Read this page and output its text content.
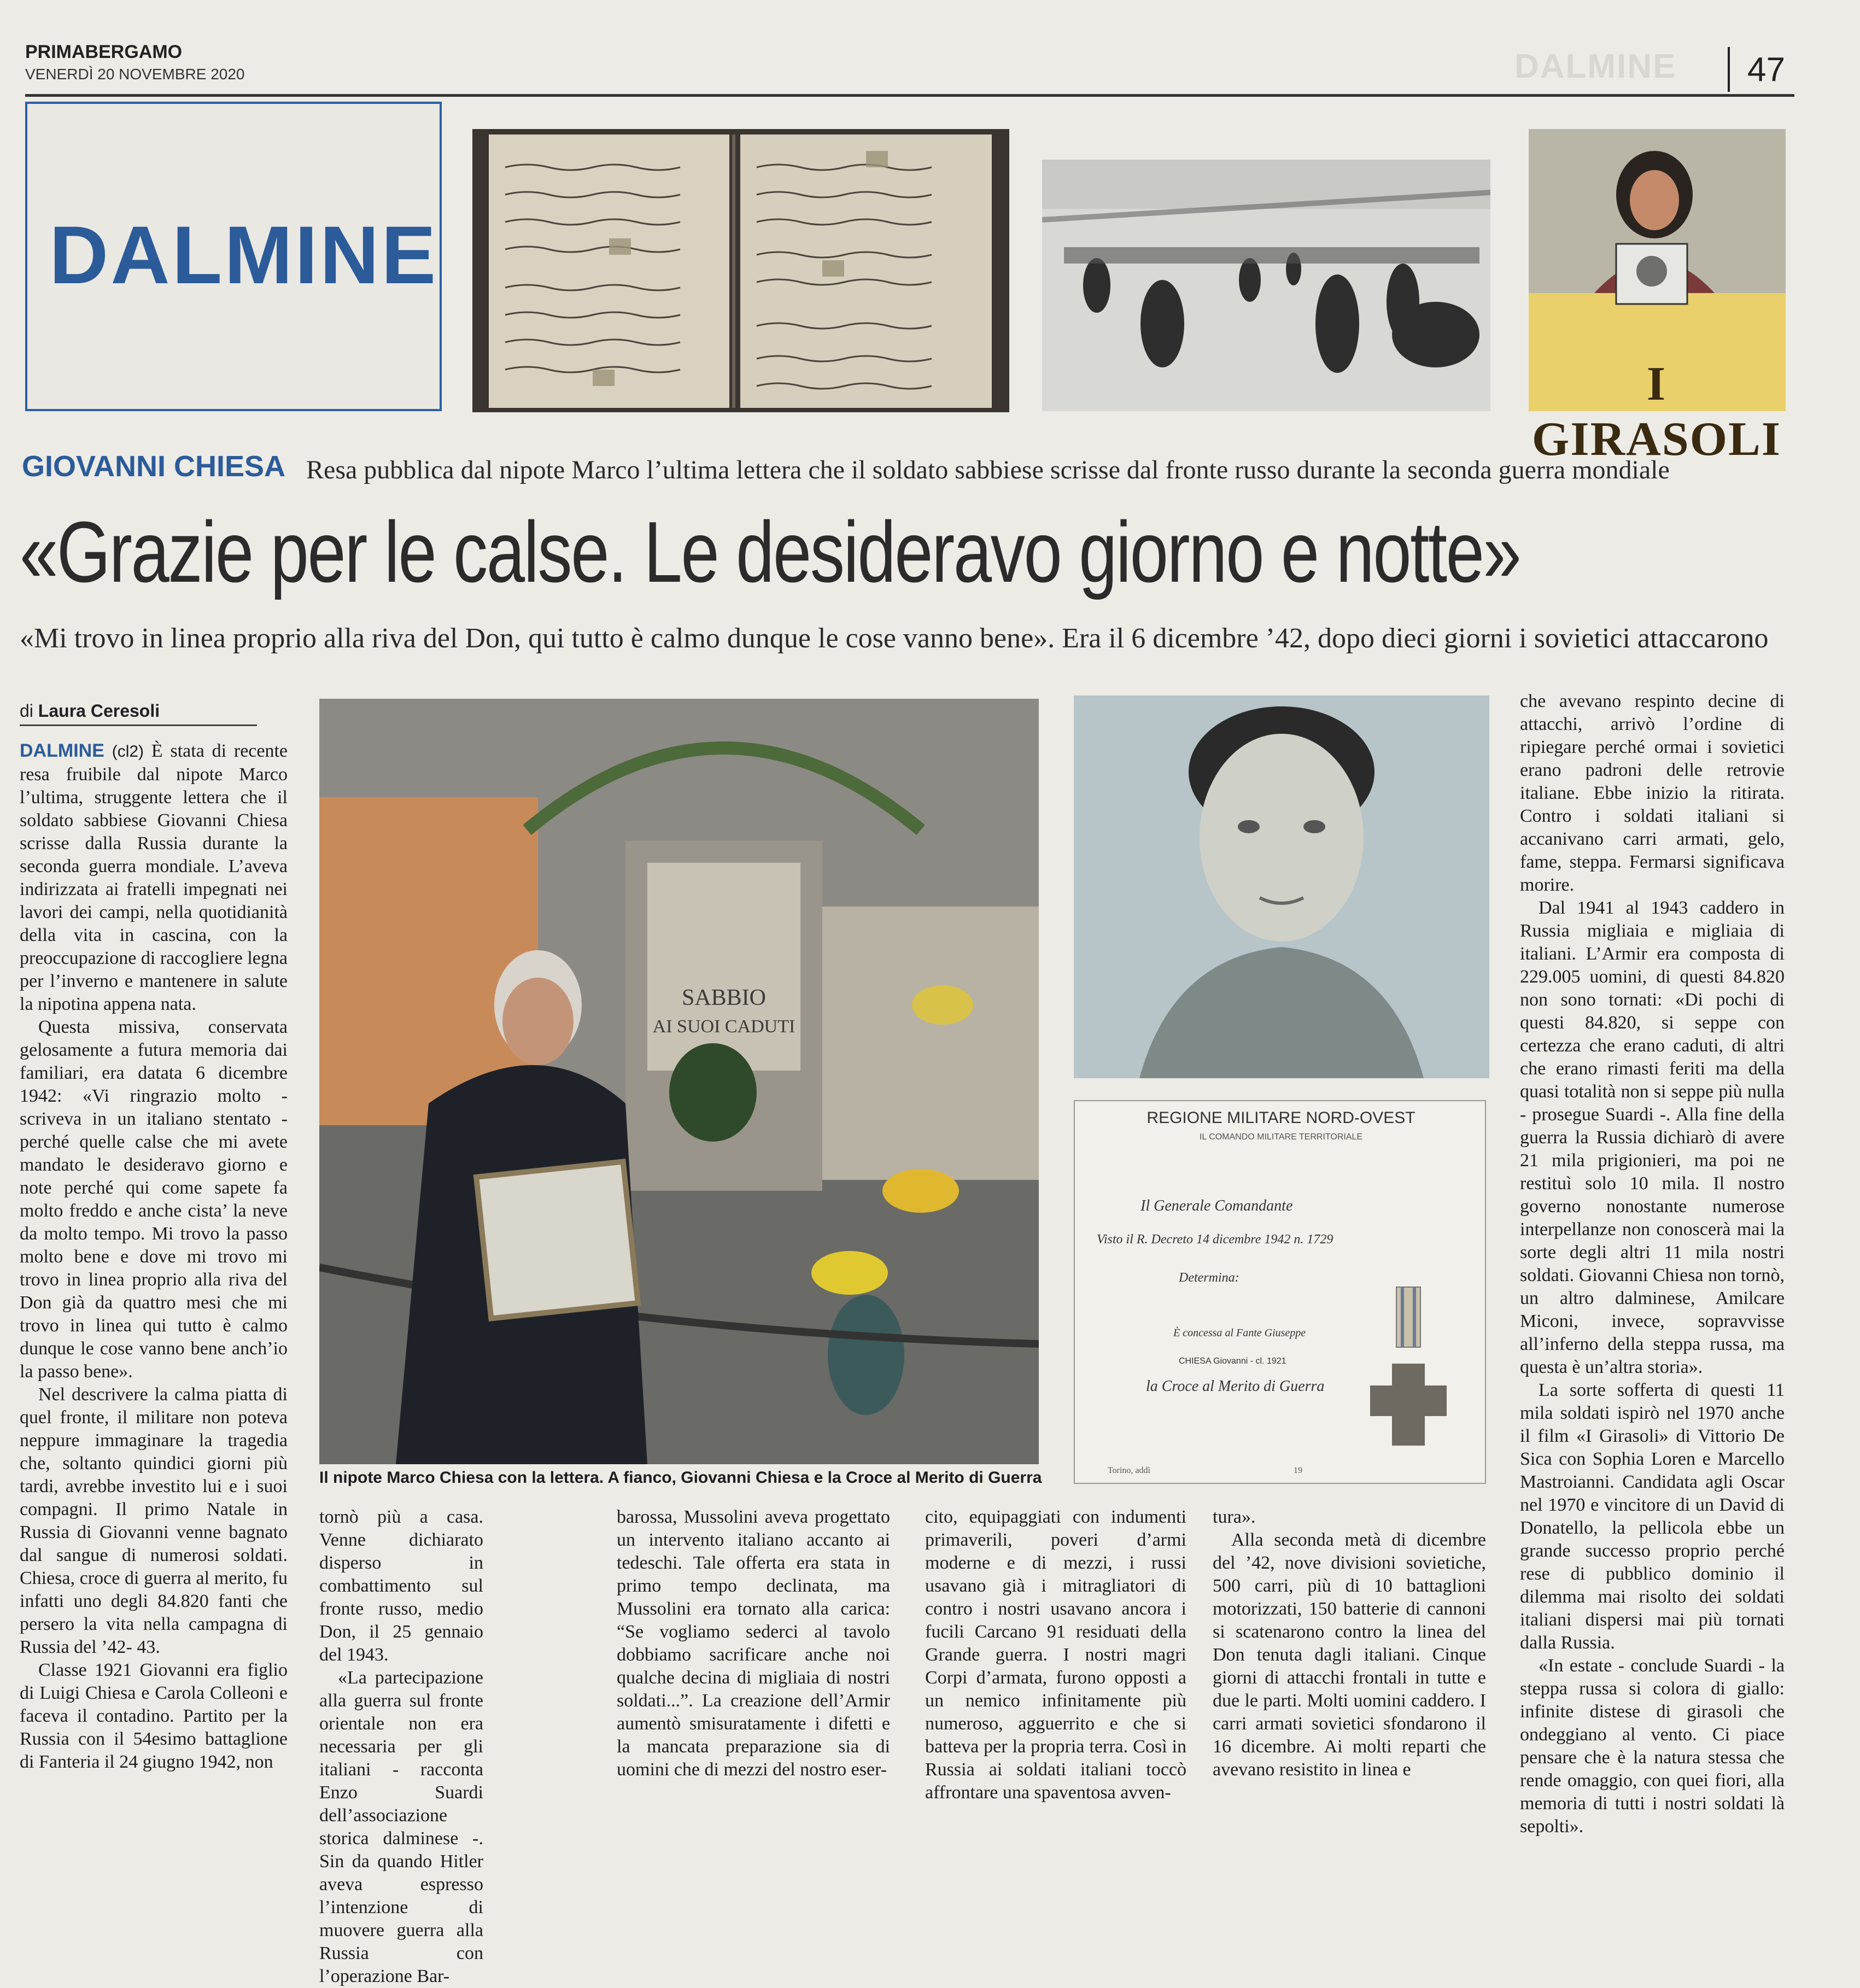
PRIMABERGAMO
VENERDÌ 20 NOVEMBRE 2020	DALMINE 47
DALMINE
I GIRASOLI
GIOVANNI CHIESA Resa pubblica dal nipote Marco l’ultima lettera che il soldato sabbiese scrisse dal fronte russo durante la seconda guerra mondiale
«Grazie per le calse. Le desideravo giorno e notte»
«Mi trovo in linea proprio alla riva del Don, qui tutto è calmo dunque le cose vanno bene». Era il 6 dicembre ’42, dopo dieci giorni i sovietici attaccarono
di Laura Ceresoli

DALMINE (cl2) È stata di recente resa fruibile dal nipote Marco l’ultima, struggente lettera che il soldato sabbiese Giovanni Chiesa scrisse dalla Russia durante la seconda guerra mondiale. L’aveva indirizzata ai fratelli impegnati nei lavori dei campi, nella quotidianità della vita in cascina, con la preoccupazione di raccogliere legna per l’inverno e mantenere in salute la nipotina appena nata.

Questa missiva, conservata gelosamente a futura memoria dai familiari, era datata 6 dicembre 1942: «Vi ringrazio molto - scriveva in un italiano stentato - perché quelle calse che mi avete mandato le desideravo giorno e note perché qui come sapete fa molto freddo e anche cista’ la neve da molto tempo. Mi trovo la passo molto bene e dove mi trovo mi trovo in linea proprio alla riva del Don già da quattro mesi che mi trovo in linea qui tutto è calmo dunque le cose vanno bene anch’io la passo bene».

Nel descrivere la calma piatta di quel fronte, il militare non poteva neppure immaginare la tragedia che, soltanto quindici giorni più tardi, avrebbe investito lui e i suoi compagni. Il primo Natale in Russia di Giovanni venne bagnato dal sangue di numerosi soldati. Chiesa, croce di guerra al merito, fu infatti uno degli 84.820 fanti che persero la vita nella campagna di Russia del ’42- 43.

Classe 1921 Giovanni era figlio di Luigi Chiesa e Carola Colleoni e faceva il contadino. Partito per la Russia con il 54esimo battaglione di Fanteria il 24 giugno 1942, non

SABBIO
AI SUOI CADUTI
Il nipote Marco Chiesa con la lettera. A fianco, Giovanni Chiesa e la Croce al Merito di Guerra
REGIONE MILITARE NORD-OVEST
IL COMANDO MILITARE TERRITORIALE
Il Generale Comandante
Visto il R. Decreto 14 dicembre 1942 n. 1729
Determina:
È concessa al Fante Giuseppe
CHIESA Giovanni - cl. 1921
la Croce al Merito di Guerra
Torino, addì	19

tornò più a casa. Venne dichiarato disperso in combattimento sul fronte russo, medio Don, il 25 gennaio del 1943.

«La partecipazione alla guerra sul fronte orientale non era necessaria per gli italiani - racconta Enzo Suardi dell’associazione storica dalminese -. Sin da quando Hitler aveva espresso l’intenzione di muovere guerra alla Russia con l’operazione Bar-

barossa, Mussolini aveva progettato un intervento italiano accanto ai tedeschi. Tale offerta era stata in primo tempo declinata, ma Mussolini era tornato alla carica: “Se vogliamo sederci al tavolo dobbiamo sacrificare anche noi qualche decina di migliaia di nostri soldati...”. La creazione dell’Armir aumentò smisuratamente i difetti e la mancata preparazione sia di uomini che di mezzi del nostro eser-

cito, equipaggiati con indumenti primaverili, poveri d’armi moderne e di mezzi, i russi usavano già i mitragliatori di contro i nostri usavano ancora i fucili Carcano 91 residuati della Grande guerra. I nostri magri Corpi d’armata, furono opposti a un nemico infinitamente più numeroso, agguerrito e che si batteva per la propria terra. Così in Russia ai soldati italiani toccò affrontare una spaventosa avven-

tura».

Alla seconda metà di dicembre del ’42, nove divisioni sovietiche, 500 carri, più di 10 battaglioni motorizzati, 150 batterie di cannoni si scatenarono contro la linea del Don tenuta dagli italiani. Cinque giorni di attacchi frontali in tutte e due le parti. Molti uomini caddero. I carri armati sovietici sfondarono il 16 dicembre. Ai molti reparti che avevano resistito in linea e

che avevano respinto decine di attacchi, arrivò l’ordine di ripiegare perché ormai i sovietici erano padroni delle retrovie italiane. Ebbe inizio la ritirata. Contro i soldati italiani si accanivano carri armati, gelo, fame, steppa. Fermarsi significava morire.

Dal 1941 al 1943 caddero in Russia migliaia e migliaia di italiani. L’Armir era composta di 229.005 uomini, di questi 84.820 non sono tornati: «Di pochi di questi 84.820, si seppe con certezza che erano caduti, di altri che erano rimasti feriti ma della quasi totalità non si seppe più nulla - prosegue Suardi -. Alla fine della guerra la Russia dichiarò di avere 21 mila prigionieri, ma poi ne restituì solo 10 mila. Il nostro governo nonostante numerose interpellanze non conoscerà mai la sorte degli altri 11 mila nostri soldati. Giovanni Chiesa non tornò, un altro dalminese, Amilcare Miconi, invece, sopravvisse all’inferno della steppa russa, ma questa è un’altra storia».

La sorte sofferta di questi 11 mila soldati ispirò nel 1970 anche il film «I Girasoli» di Vittorio De Sica con Sophia Loren e Marcello Mastroianni. Candidata agli Oscar nel 1970 e vincitore di un David di Donatello, la pellicola ebbe un grande successo proprio perché rese di pubblico dominio il dilemma mai risolto dei soldati italiani dispersi mai più tornati dalla Russia.

«In estate - conclude Suardi - la steppa russa si colora di giallo: infinite distese di girasoli che ondeggiano al vento. Ci piace pensare che è la natura stessa che rende omaggio, con quei fiori, alla memoria di tutti i nostri soldati là sepolti».
